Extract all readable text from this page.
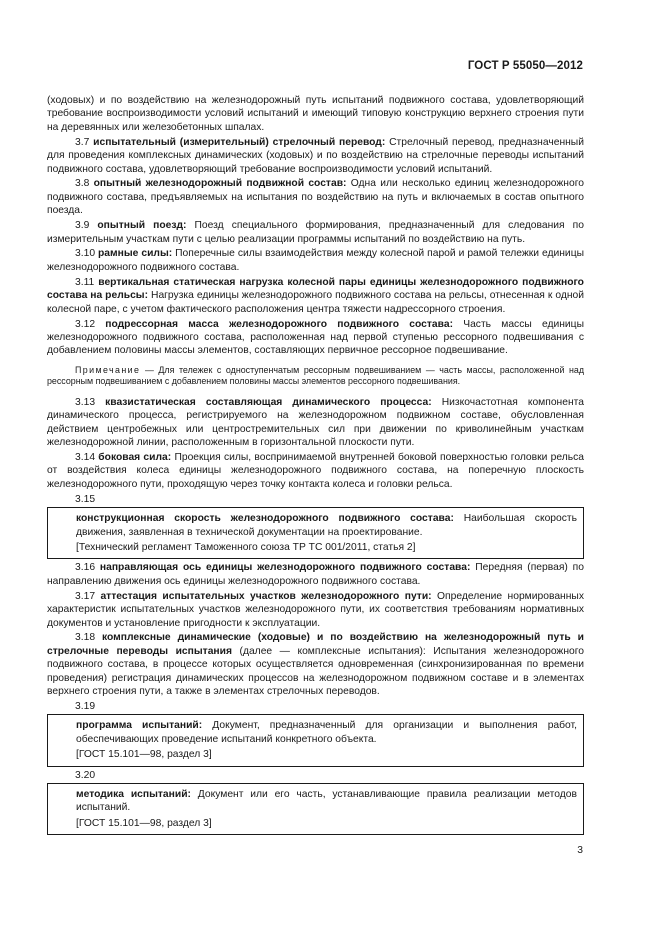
ГОСТ Р 55050—2012

(ходовых) и по воздействию на железнодорожный путь испытаний подвижного состава, удовлетворяющий требование воспроизводимости условий испытаний и имеющий типовую конструкцию верхнего строения пути на деревянных или железобетонных шпалах.

3.7 испытательный (измерительный) стрелочный перевод: Стрелочный перевод, предназначенный для проведения комплексных динамических (ходовых) и по воздействию на стрелочные переводы испытаний подвижного состава, удовлетворяющий требование воспроизводимости условий испытаний.

3.8 опытный железнодорожный подвижной состав: Одна или несколько единиц железнодорожного подвижного состава, предъявляемых на испытания по воздействию на путь и включаемых в состав опытного поезда.

3.9 опытный поезд: Поезд специального формирования, предназначенный для следования по измерительным участкам пути с целью реализации программы испытаний по воздействию на путь.

3.10 рамные силы: Поперечные силы взаимодействия между колесной парой и рамой тележки единицы железнодорожного подвижного состава.

3.11 вертикальная статическая нагрузка колесной пары единицы железнодорожного подвижного состава на рельсы: Нагрузка единицы железнодорожного подвижного состава на рельсы, отнесенная к одной колесной паре, с учетом фактического расположения центра тяжести надрессорного строения.

3.12 подрессорная масса железнодорожного подвижного состава: Часть массы единицы железнодорожного подвижного состава, расположенная над первой ступенью рессорного подвешивания с добавлением половины массы элементов, составляющих первичное рессорное подвешивание.

Примечание — Для тележек с одноступенчатым рессорным подвешиванием — часть массы, расположенной над рессорным подвешиванием с добавлением половины массы элементов рессорного подвешивания.

3.13 квазистатическая составляющая динамического процесса: Низкочастотная компонента динамического процесса, регистрируемого на железнодорожном подвижном составе, обусловленная действием центробежных или центростремительных сил при движении по криволинейным участкам железнодорожной линии, расположенным в горизонтальной плоскости пути.

3.14 боковая сила: Проекция силы, воспринимаемой внутренней боковой поверхностью головки рельса от воздействия колеса единицы железнодорожного подвижного состава, на поперечную плоскость железнодорожного пути, проходящую через точку контакта колеса и головки рельса.

3.15

конструкционная скорость железнодорожного подвижного состава: Наибольшая скорость движения, заявленная в технической документации на проектирование.

[Технический регламент Таможенного союза ТР ТС 001/2011, статья 2]

3.16 направляющая ось единицы железнодорожного подвижного состава: Передняя (первая) по направлению движения ось единицы железнодорожного подвижного состава.

3.17 аттестация испытательных участков железнодорожного пути: Определение нормированных характеристик испытательных участков железнодорожного пути, их соответствия требованиям нормативных документов и установление пригодности к эксплуатации.

3.18 комплексные динамические (ходовые) и по воздействию на железнодорожный путь и стрелочные переводы испытания (далее — комплексные испытания): Испытания железнодорожного подвижного состава, в процессе которых осуществляется одновременная (синхронизированная по времени проведения) регистрация динамических процессов на железнодорожном подвижном составе и в элементах верхнего строения пути, а также в элементах стрелочных переводов.

3.19

программа испытаний: Документ, предназначенный для организации и выполнения работ, обеспечивающих проведение испытаний конкретного объекта.

[ГОСТ 15.101—98, раздел 3]

3.20

методика испытаний: Документ или его часть, устанавливающие правила реализации методов испытаний.

[ГОСТ 15.101—98, раздел 3]

3
